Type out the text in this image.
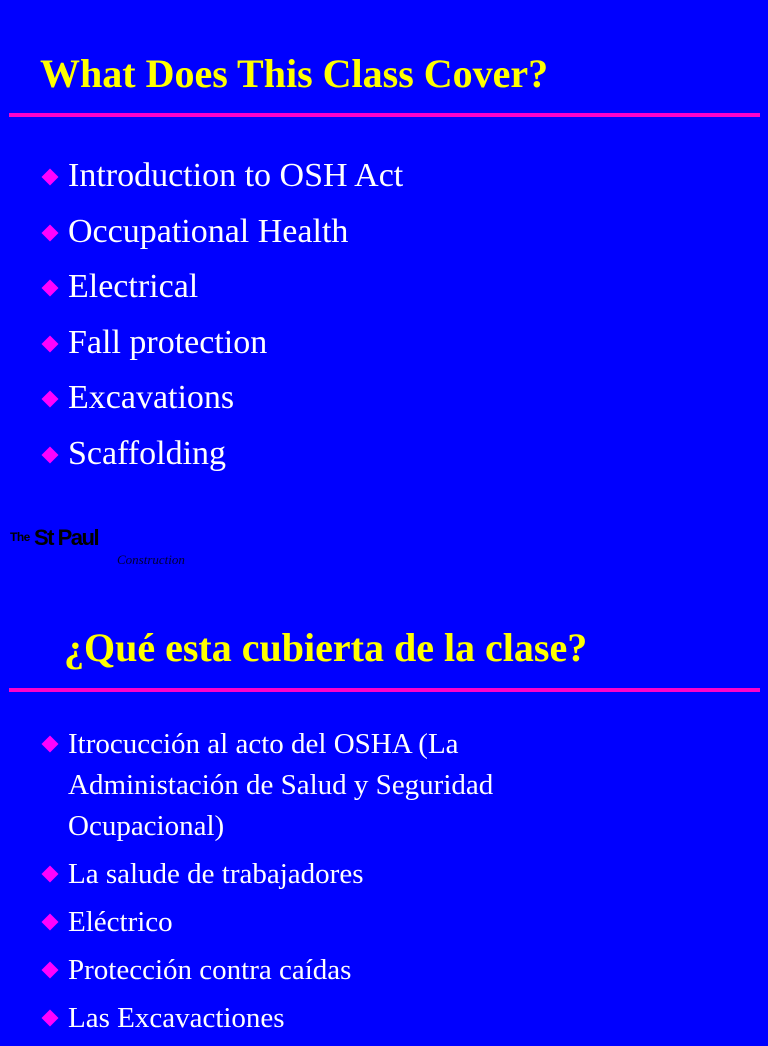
What Does This Class Cover?
Introduction to OSH Act
Occupational Health
Electrical
Fall protection
Excavations
Scaffolding
The St Paul
Construction
¿Qué esta cubierta de la clase?
Itrocucción al acto del OSHA (La Administación de Salud y Seguridad Ocupacional)
La salude de trabajadores
Eléctrico
Protección contra caídas
Las Excavactiones
